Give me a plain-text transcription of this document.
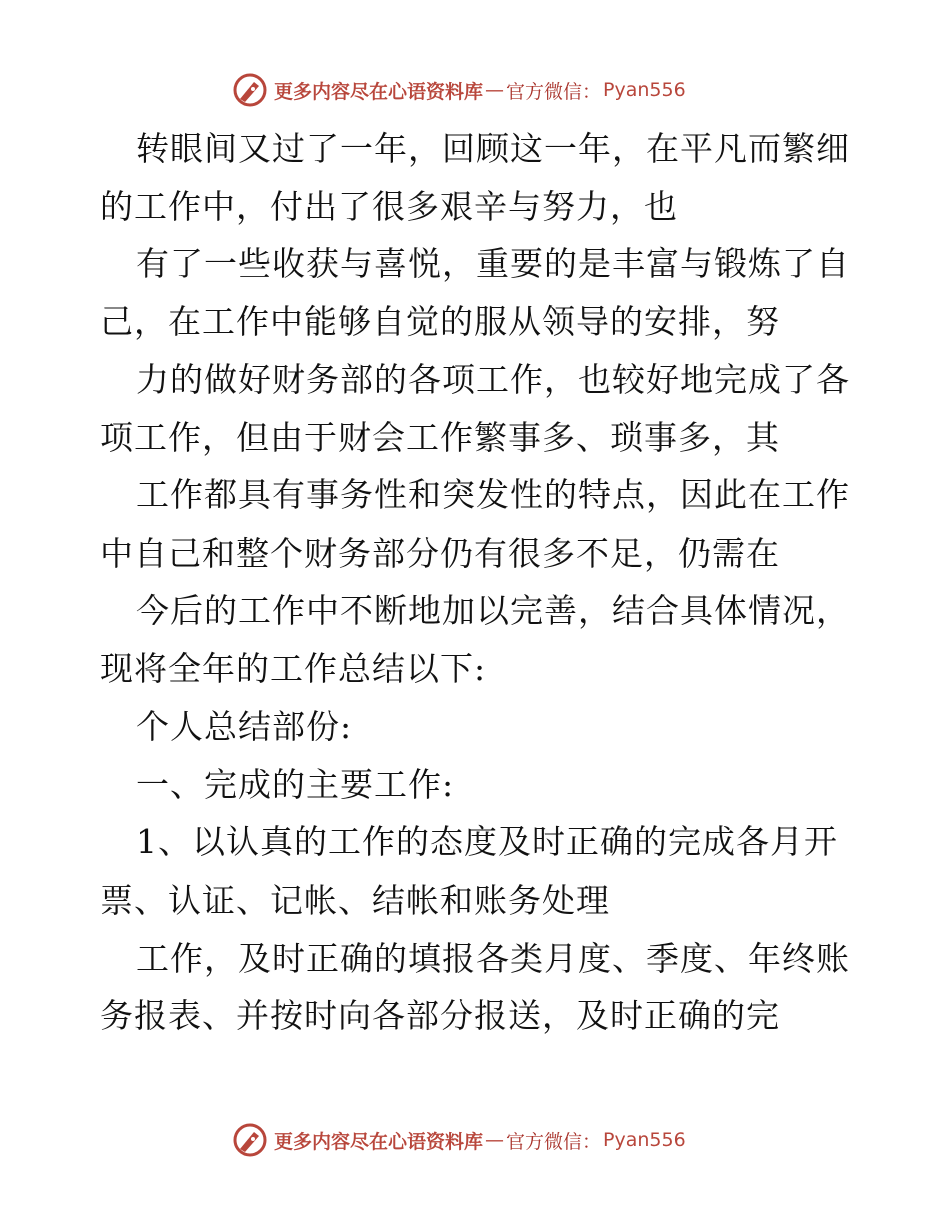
更多内容尽在心语资料库 — 官方微信： Pyan556
转眼间又过了一年，回顾这一年，在平凡而繁细
的工作中，付出了很多艰辛与努力，也
有了一些收获与喜悦，重要的是丰富与锻炼了自
己，在工作中能够自觉的服从领导的安排，努
力的做好财务部的各项工作，也较好地完成了各
项工作，但由于财会工作繁事多、琐事多，其
工作都具有事务性和突发性的特点，因此在工作
中自己和整个财务部分仍有很多不足，仍需在
今后的工作中不断地加以完善，结合具体情况，
现将全年的工作总结以下:
个人总结部份:
一、完成的主要工作:
1、以认真的工作的态度及时正确的完成各月开
票、认证、记帐、结帐和账务处理
工作，及时正确的填报各类月度、季度、年终账
务报表、并按时向各部分报送，及时正确的完
更多内容尽在心语资料库 — 官方微信： Pyan556
